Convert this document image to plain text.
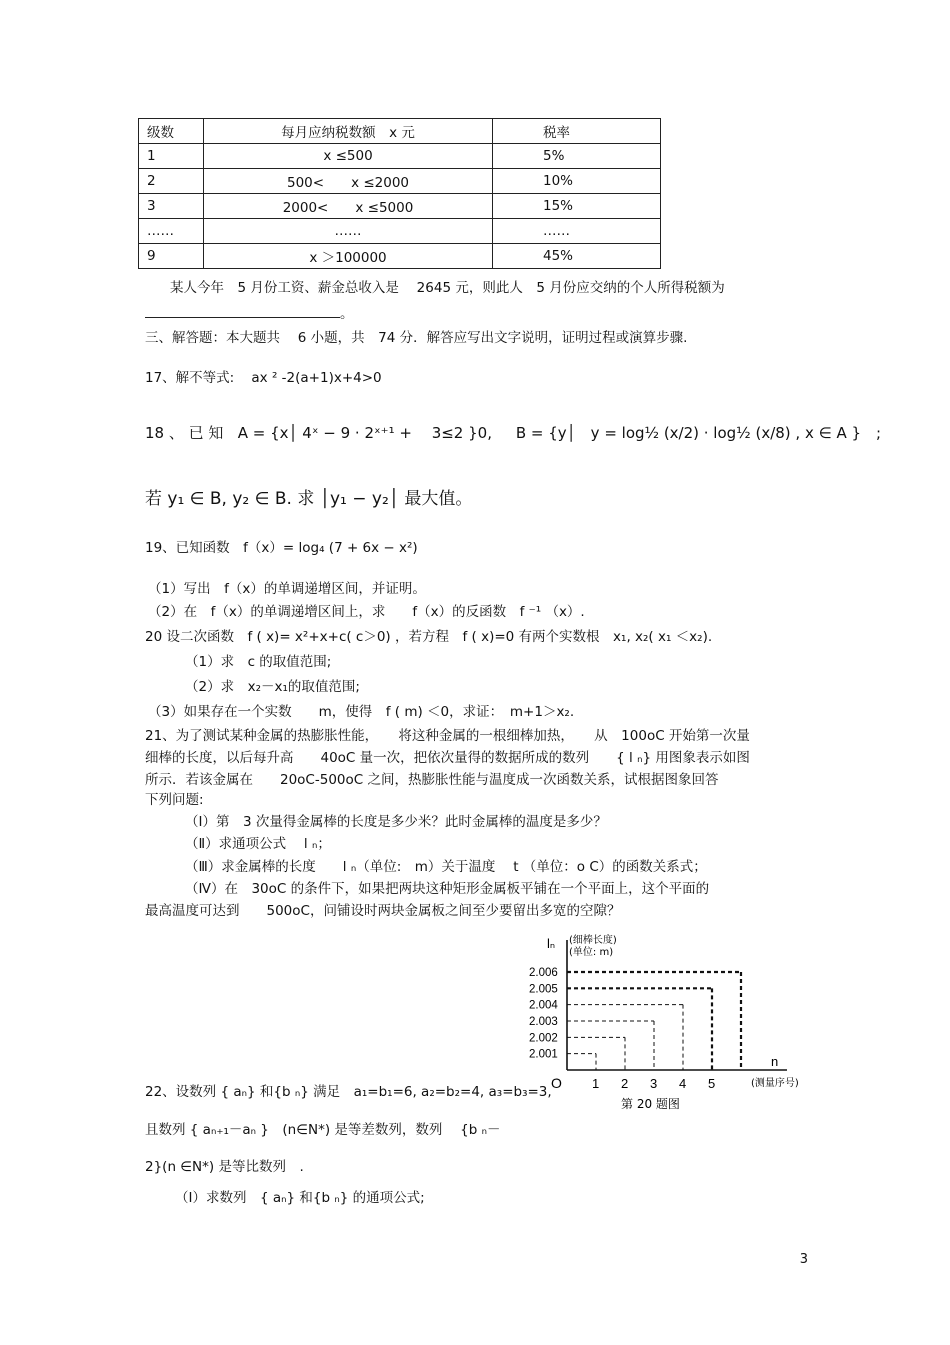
级数	每月应纳税数额　x 元	税率
1	x ≤500	5%
2	500<　　x ≤2000	10%
3	2000<　　x ≤5000	15%
……	……	……
9	x ＞100000	45%
某人今年　5 月份工资、薪金总收入是　 2645 元，则此人　5 月份应交纳的个人所得税额为
。
三、解答题：本大题共　 6 小题，共　74 分．解答应写出文字说明，证明过程或演算步骤.
17、解不等式: ax ² -2(a+1)x+4>0
18 、 已 知 A = {x│ 4ˣ − 9 · 2ˣ⁺¹ + 　3≤2 }0, B = {y│　y = log½ (x/2) · log½ (x/8) , x ∈ A }　;
若 y₁ ∈ B, y₂ ∈ B. 求 │y₁ − y₂│ 最大值。
19、已知函数　f（x）= log₄ (7 + 6x − x²)
（1）写出　f（x）的单调递增区间，并证明。
（2）在　f（x）的单调递增区间上，求　　f（x）的反函数　f ⁻¹ （x）.
20 设二次函数　f ( x)= x²+x+c( c＞0) ，若方程　f ( x)=0 有两个实数根　x₁, x₂( x₁ ＜x₂).
（1）求　c 的取值范围;
（2）求　x₂－x₁的取值范围;
（3）如果存在一个实数　　m，使得　f ( m) ＜0，求证：　m+1＞x₂.
21、为了测试某种金属的热膨胀性能，　　将这种金属的一根细棒加热，　　从　100oC 开始第一次量
细棒的长度，以后每升高　　40oC 量一次，把依次量得的数据所成的数列　　{ l ₙ} 用图象表示如图
所示．若该金属在　　20oC-500oC 之间，热膨胀性能与温度成一次函数关系，试根据图象回答
下列问题:
（Ⅰ）第　3 次量得金属棒的长度是多少米？此时金属棒的温度是多少？
（Ⅱ）求通项公式　 l ₙ；
（Ⅲ）求金属棒的长度　　l ₙ（单位:　m）关于温度　 t （单位：o C）的函数关系式；
（Ⅳ）在　30oC 的条件下，如果把两块这种矩形金属板平铺在一个平面上，这个平面的
最高温度可达到　　500oC，问铺设时两块金属板之间至少要留出多宽的空隙？
lₙ (细棒长度)
(单位: m)
n
(测量序号)
O
第 20 题图
2.001
2.002
2.003
2.004
2.005
2.006
1 2 3 4 5
22、设数列 { aₙ} 和{b ₙ} 满足　a₁=b₁=6, a₂=b₂=4, a₃=b₃=3,
且数列 { aₙ₊₁－aₙ }　(n∈N*) 是等差数列，数列　 {b ₙ－
2}(n ∈N*) 是等比数列　.
（Ⅰ）求数列　{ aₙ} 和{b ₙ} 的通项公式;
3
